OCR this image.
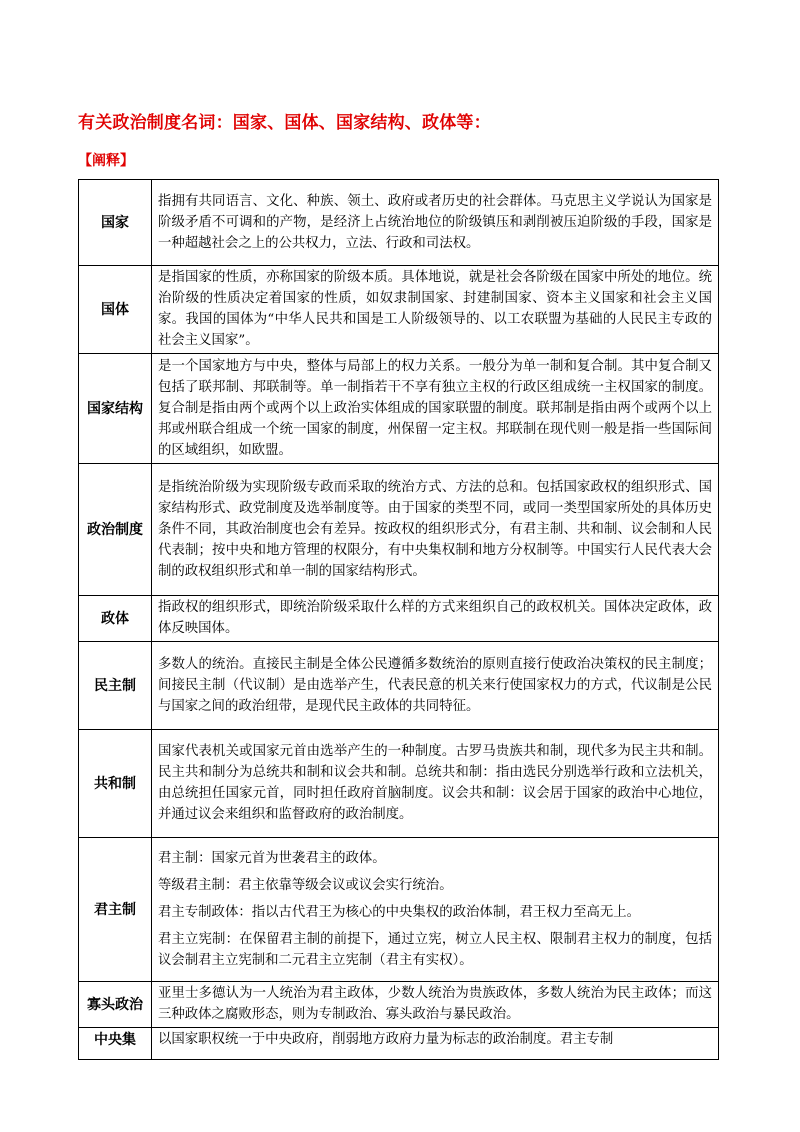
有关政治制度名词：国家、国体、国家结构、政体等：
【阐释】
国家	指拥有共同语言、文化、种族、领土、政府或者历史的社会群体。马克思主义学说认为国家是阶级矛盾不可调和的产物，是经济上占统治地位的阶级镇压和剥削被压迫阶级的手段，国家是一种超越社会之上的公共权力，立法、行政和司法权。

国体	是指国家的性质，亦称国家的阶级本质。具体地说，就是社会各阶级在国家中所处的地位。统治阶级的性质决定着国家的性质，如奴隶制国家、封建制国家、资本主义国家和社会主义国家。我国的国体为“中华人民共和国是工人阶级领导的、以工农联盟为基础的人民民主专政的社会主义国家”。

国家结构	是一个国家地方与中央，整体与局部上的权力关系。一般分为单一制和复合制。其中复合制又包括了联邦制、邦联制等。单一制指若干不享有独立主权的行政区组成统一主权国家的制度。复合制是指由两个或两个以上政治实体组成的国家联盟的制度。联邦制是指由两个或两个以上邦或州联合组成一个统一国家的制度，州保留一定主权。邦联制在现代则一般是指一些国际间的区域组织，如欧盟。

政治制度	是指统治阶级为实现阶级专政而采取的统治方式、方法的总和。包括国家政权的组织形式、国家结构形式、政党制度及选举制度等。由于国家的类型不同，或同一类型国家所处的具体历史条件不同，其政治制度也会有差异。按政权的组织形式分，有君主制、共和制、议会制和人民代表制；按中央和地方管理的权限分，有中央集权制和地方分权制等。中国实行人民代表大会制的政权组织形式和单一制的国家结构形式。

政体	指政权的组织形式，即统治阶级采取什么样的方式来组织自己的政权机关。国体决定政体，政体反映国体。

民主制	多数人的统治。直接民主制是全体公民遵循多数统治的原则直接行使政治决策权的民主制度；间接民主制（代议制）是由选举产生，代表民意的机关来行使国家权力的方式，代议制是公民与国家之间的政治纽带，是现代民主政体的共同特征。

共和制	国家代表机关或国家元首由选举产生的一种制度。古罗马贵族共和制，现代多为民主共和制。民主共和制分为总统共和制和议会共和制。总统共和制：指由选民分别选举行政和立法机关，由总统担任国家元首，同时担任政府首脑制度。议会共和制：议会居于国家的政治中心地位，并通过议会来组织和监督政府的政治制度。

君主制	君主制：国家元首为世袭君主的政体。

等级君主制：君主依靠等级会议或议会实行统治。

君主专制政体：指以古代君王为核心的中央集权的政治体制，君王权力至高无上。

君主立宪制：在保留君主制的前提下，通过立宪，树立人民主权、限制君主权力的制度，包括议会制君主立宪制和二元君主立宪制（君主有实权）。

寡头政治	亚里士多德认为一人统治为君主政体，少数人统治为贵族政体，多数人统治为民主政体；而这三种政体之腐败形态，则为专制政治、寡头政治与暴民政治。

中央集	以国家职权统一于中央政府，削弱地方政府力量为标志的政治制度。君主专制
